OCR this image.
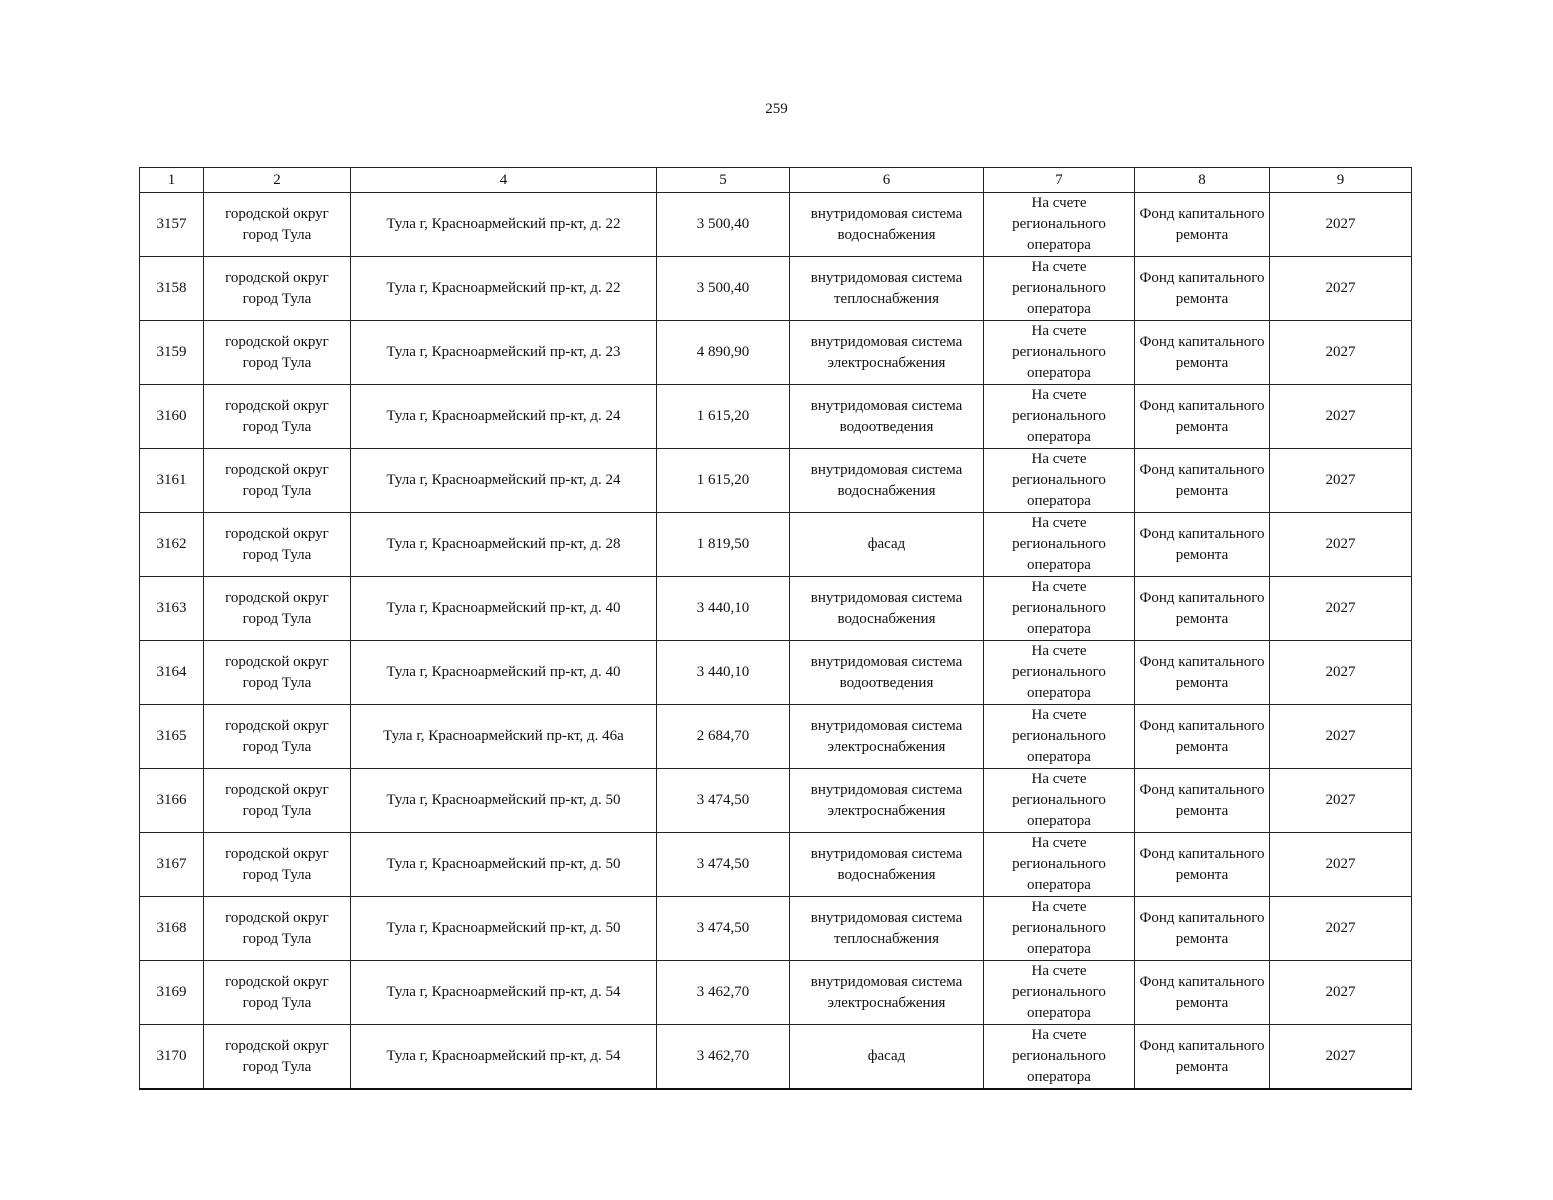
259
1	2	4	5	6	7	8	9
3157	городской округ город Тула	Тула г, Красноармейский пр-кт, д. 22	3 500,40	внутридомовая система водоснабжения	На счете регионального оператора	Фонд капитального ремонта	2027
3158	городской округ город Тула	Тула г, Красноармейский пр-кт, д. 22	3 500,40	внутридомовая система теплоснабжения	На счете регионального оператора	Фонд капитального ремонта	2027
3159	городской округ город Тула	Тула г, Красноармейский пр-кт, д. 23	4 890,90	внутридомовая система электроснабжения	На счете регионального оператора	Фонд капитального ремонта	2027
3160	городской округ город Тула	Тула г, Красноармейский пр-кт, д. 24	1 615,20	внутридомовая система водоотведения	На счете регионального оператора	Фонд капитального ремонта	2027
3161	городской округ город Тула	Тула г, Красноармейский пр-кт, д. 24	1 615,20	внутридомовая система водоснабжения	На счете регионального оператора	Фонд капитального ремонта	2027
3162	городской округ город Тула	Тула г, Красноармейский пр-кт, д. 28	1 819,50	фасад	На счете регионального оператора	Фонд капитального ремонта	2027
3163	городской округ город Тула	Тула г, Красноармейский пр-кт, д. 40	3 440,10	внутридомовая система водоснабжения	На счете регионального оператора	Фонд капитального ремонта	2027
3164	городской округ город Тула	Тула г, Красноармейский пр-кт, д. 40	3 440,10	внутридомовая система водоотведения	На счете регионального оператора	Фонд капитального ремонта	2027
3165	городской округ город Тула	Тула г, Красноармейский пр-кт, д. 46а	2 684,70	внутридомовая система электроснабжения	На счете регионального оператора	Фонд капитального ремонта	2027
3166	городской округ город Тула	Тула г, Красноармейский пр-кт, д. 50	3 474,50	внутридомовая система электроснабжения	На счете регионального оператора	Фонд капитального ремонта	2027
3167	городской округ город Тула	Тула г, Красноармейский пр-кт, д. 50	3 474,50	внутридомовая система водоснабжения	На счете регионального оператора	Фонд капитального ремонта	2027
3168	городской округ город Тула	Тула г, Красноармейский пр-кт, д. 50	3 474,50	внутридомовая система теплоснабжения	На счете регионального оператора	Фонд капитального ремонта	2027
3169	городской округ город Тула	Тула г, Красноармейский пр-кт, д. 54	3 462,70	внутридомовая система электроснабжения	На счете регионального оператора	Фонд капитального ремонта	2027
3170	городской округ город Тула	Тула г, Красноармейский пр-кт, д. 54	3 462,70	фасад	На счете регионального оператора	Фонд капитального ремонта	2027
